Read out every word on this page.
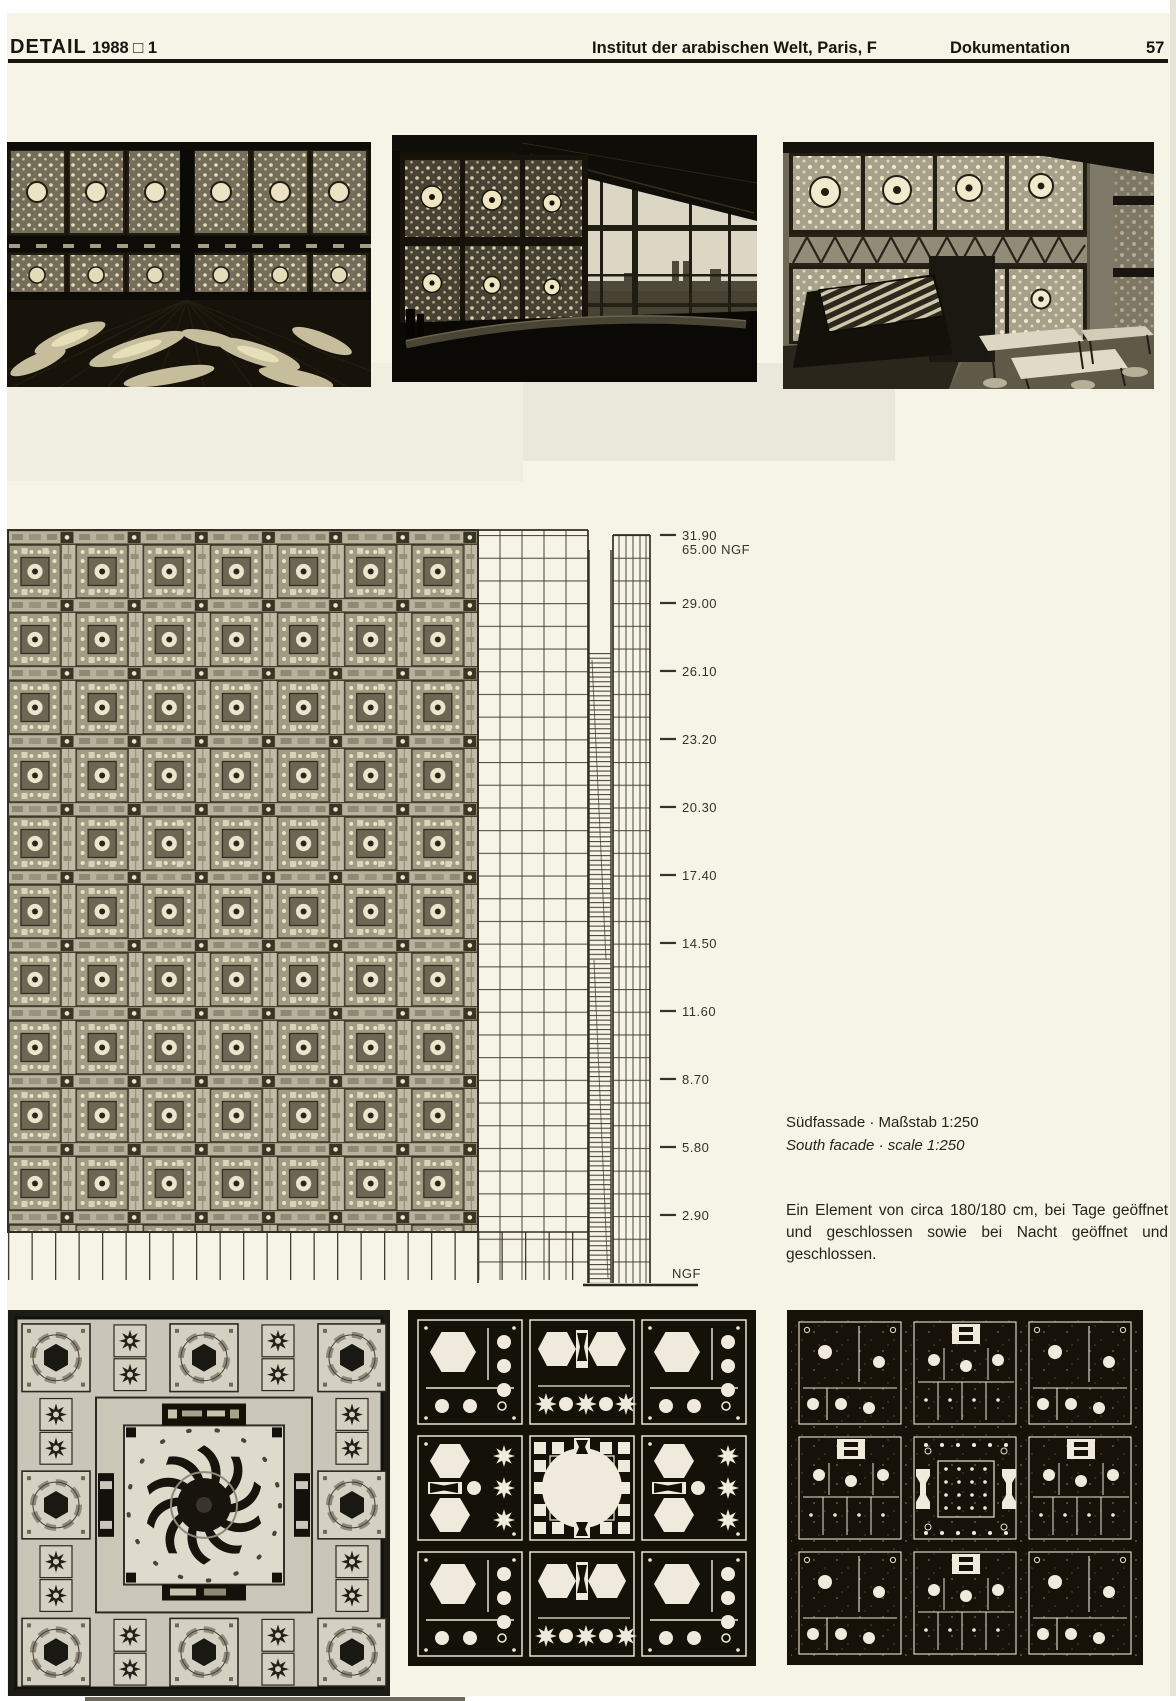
DETAIL 1988 □ 1	Institut der arabischen Welt, Paris, F	Dokumentation	57
31.90
65.00 NGF
29.00
26.10
23.20
20.30
17.40
14.50
11.60
8.70
5.80
2.90
NGF
Südfassade · Maßstab 1:250
South facade · scale 1:250
Ein Element von circa 180/180 cm, bei Tage geöffnet und geschlossen sowie bei Nacht geöffnet und geschlossen.
